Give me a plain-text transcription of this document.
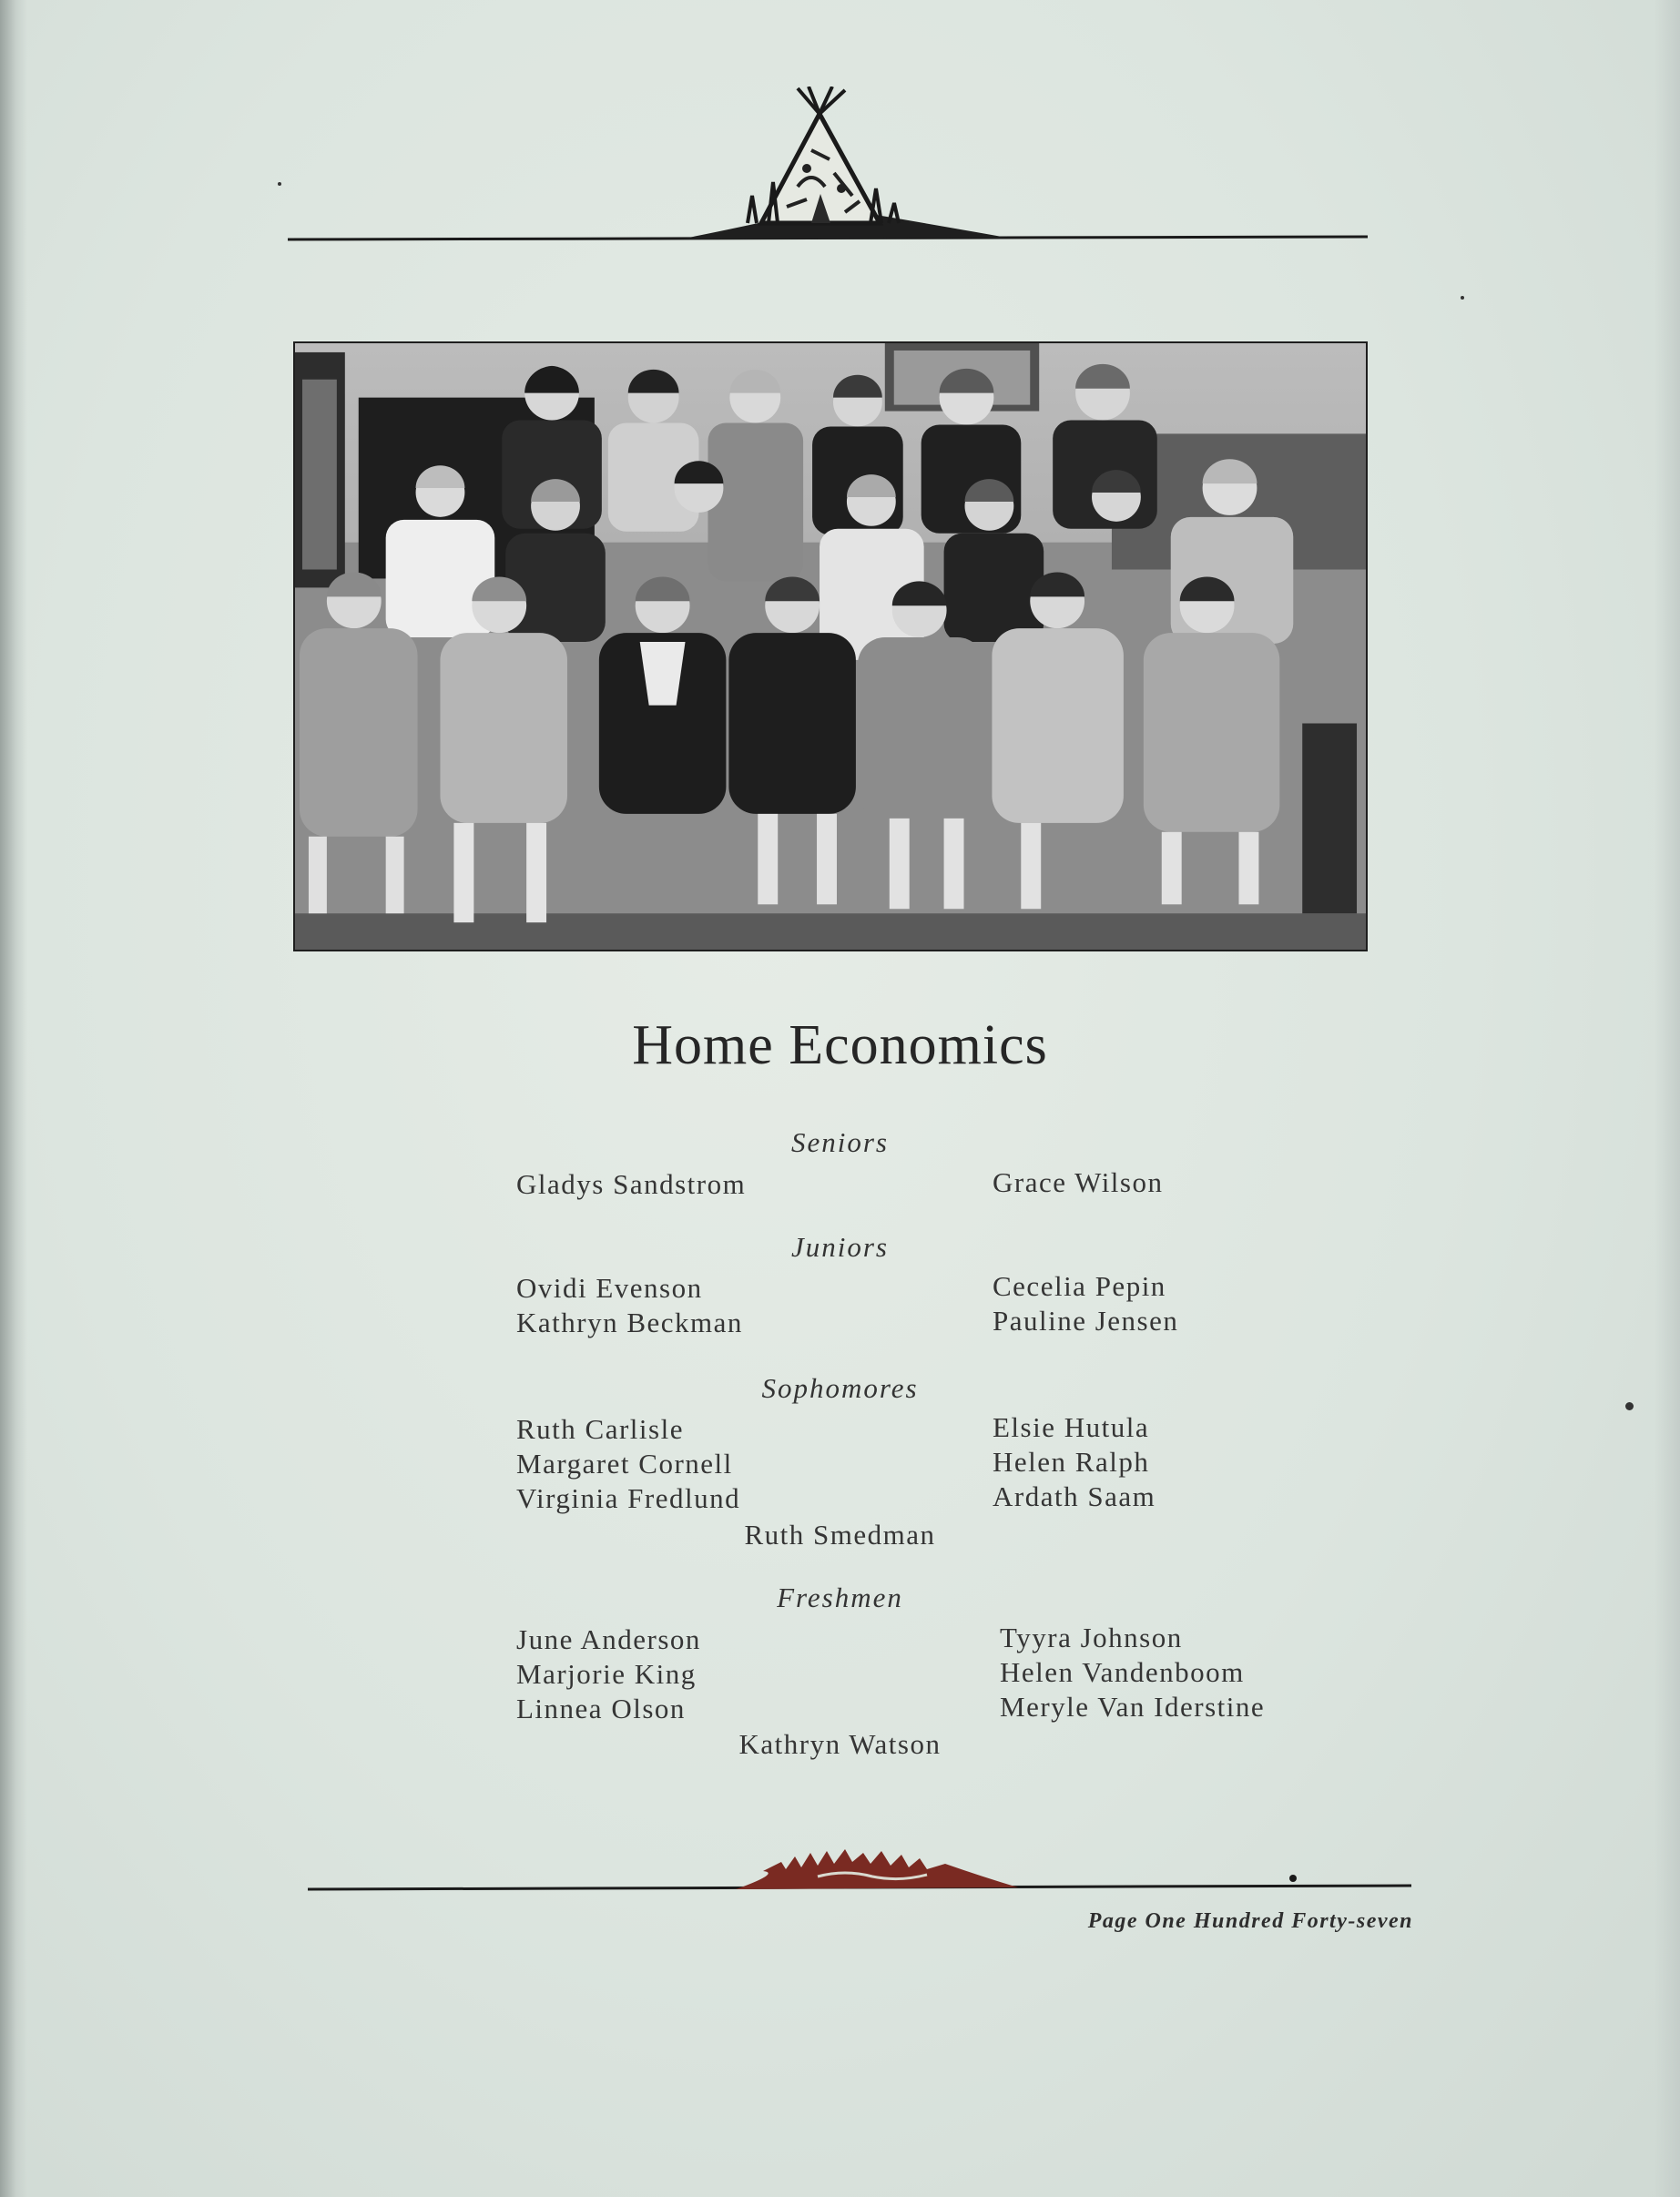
Home Economics
Seniors
Gladys Sandstrom	Grace Wilson
Juniors
Ovidi Evenson
Kathryn Beckman
Cecelia Pepin
Pauline Jensen
Sophomores
Ruth Carlisle
Margaret Cornell
Virginia Fredlund
Elsie Hutula
Helen Ralph
Ardath Saam
Ruth Smedman
Freshmen
June Anderson
Marjorie King
Linnea Olson
Tyyra Johnson
Helen Vandenboom
Meryle Van Iderstine
Kathryn Watson
Page One Hundred Forty-seven
